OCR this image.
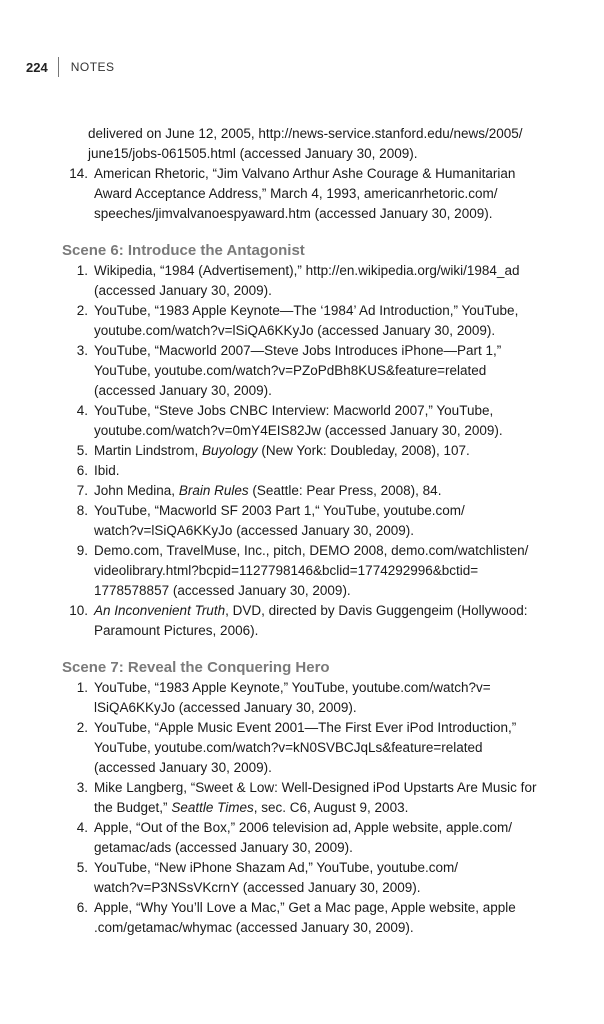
224 NOTES
delivered on June 12, 2005, http://news-service.stanford.edu/news/2005/
june15/jobs-061505.html (accessed January 30, 2009).
14. American Rhetoric, “Jim Valvano Arthur Ashe Courage & Humanitarian
Award Acceptance Address,” March 4, 1993, americanrhetoric.com/
speeches/jimvalvanoespyaward.htm (accessed January 30, 2009).
Scene 6: Introduce the Antagonist
1. Wikipedia, “1984 (Advertisement),” http://en.wikipedia.org/wiki/1984_ad
(accessed January 30, 2009).
2. YouTube, “1983 Apple Keynote—The ‘1984’ Ad Introduction,” YouTube,
youtube.com/watch?v=lSiQA6KKyJo (accessed January 30, 2009).
3. YouTube, “Macworld 2007—Steve Jobs Introduces iPhone—Part 1,”
YouTube, youtube.com/watch?v=PZoPdBh8KUS&feature=related
(accessed January 30, 2009).
4. YouTube, “Steve Jobs CNBC Interview: Macworld 2007,” YouTube,
youtube.com/watch?v=0mY4EIS82Jw (accessed January 30, 2009).
5. Martin Lindstrom, Buyology (New York: Doubleday, 2008), 107.
6. Ibid.
7. John Medina, Brain Rules (Seattle: Pear Press, 2008), 84.
8. YouTube, “Macworld SF 2003 Part 1,“ YouTube, youtube.com/
watch?v=lSiQA6KKyJo (accessed January 30, 2009).
9. Demo.com, TravelMuse, Inc., pitch, DEMO 2008, demo.com/watchlisten/
videolibrary.html?bcpid=1127798146&bclid=1774292996&bctid=
1778578857 (accessed January 30, 2009).
10. An Inconvenient Truth, DVD, directed by Davis Guggengeim (Hollywood:
Paramount Pictures, 2006).
Scene 7: Reveal the Conquering Hero
1. YouTube, “1983 Apple Keynote,” YouTube, youtube.com/watch?v=
lSiQA6KKyJo (accessed January 30, 2009).
2. YouTube, “Apple Music Event 2001—The First Ever iPod Introduction,”
YouTube, youtube.com/watch?v=kN0SVBCJqLs&feature=related
(accessed January 30, 2009).
3. Mike Langberg, “Sweet & Low: Well-Designed iPod Upstarts Are Music for
the Budget,” Seattle Times, sec. C6, August 9, 2003.
4. Apple, “Out of the Box,” 2006 television ad, Apple website, apple.com/
getamac/ads (accessed January 30, 2009).
5. YouTube, “New iPhone Shazam Ad,” YouTube, youtube.com/
watch?v=P3NSsVKcrnY (accessed January 30, 2009).
6. Apple, “Why You’ll Love a Mac,” Get a Mac page, Apple website, apple
.com/getamac/whymac (accessed January 30, 2009).
